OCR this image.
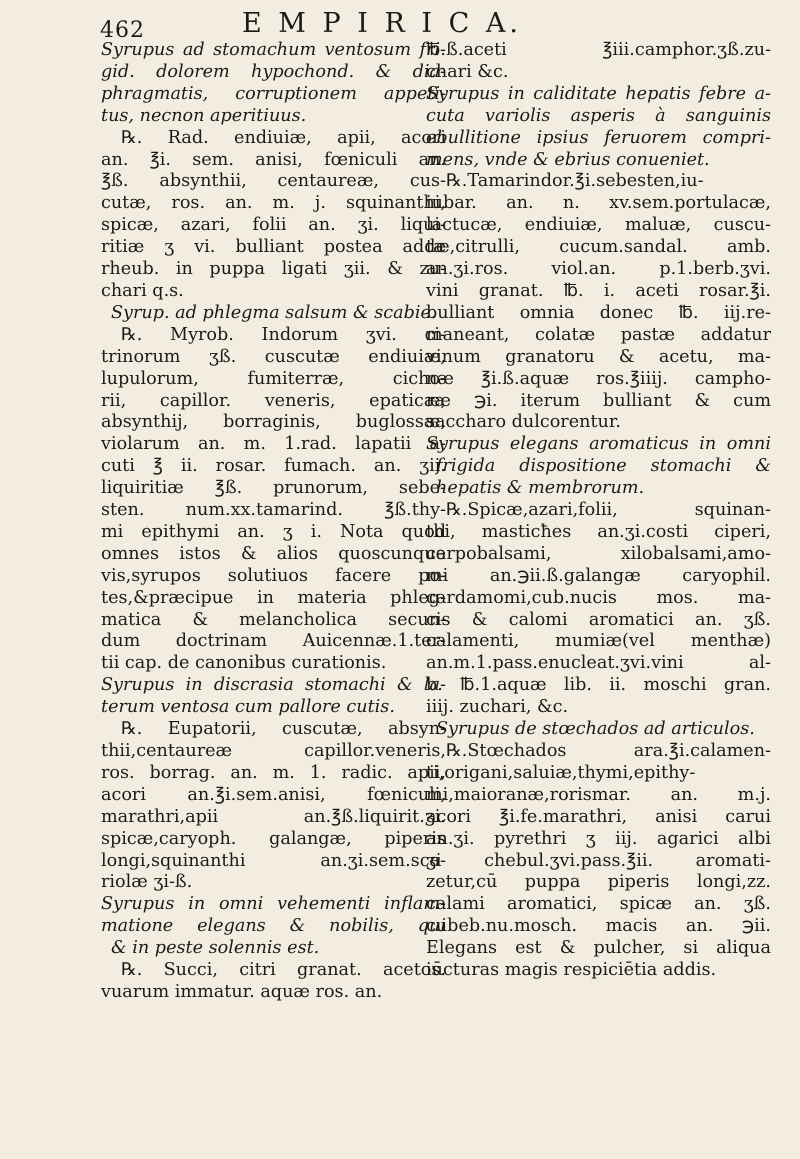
462	E M P I R I C A.
Syrupus ad stomachum ventosum fri-
gid. dolorem hypochond. & dia-
phragmatis, corruptionem appeti-
tus, necnon aperitiuus.
℞. Rad. endiuiæ, apii, acori
an. ℥i. sem. anisi, fœniculi an.
℥ß. absynthii, centaureæ, cus-
cutæ, ros. an. m. j. squinanthi,
spicæ, azari, folii an. ʒi. liqui-
ritiæ ʒ vi. bulliant postea adde
rheub. in puppa ligati ʒii. & zu-
chari q.s.
Syrup. ad phlegma salsum & scabie.
℞. Myrob. Indorum ʒvi. ci-
trinorum ʒß. cuscutæ endiuiæ,
lupulorum, fumiterræ, cicho-
rii, capillor. veneris, epaticæ,
absynthij, borraginis, buglossæ,
violarum an. m. 1.rad. lapatii a-
cuti ℥ ii. rosar. fumach. an. ʒii.
liquiritiæ ℥ß. prunorum, sebe-
sten. num.xx.tamarind. ℥ß.thy-
mi epithymi an. ʒ i. Nota quod
omnes istos & alios quoscunque
vis,syrupos solutiuos facere po-
tes,&præcipue in materia phleg-
matica & melancholica secun-
dum doctrinam Auicennæ.1.ter-
tii cap. de canonibus curationis.
Syrupus in discrasia stomachi & la-
terum ventosa cum pallore cutis.
℞. Eupatorii, cuscutæ, absyn-
thii,centaureæ capillor.veneris,
ros. borrag. an. m. 1. radic. apii,
acori an.℥i.sem.anisi, fœniculi,
marathri,apii an.℥ß.liquirit.ʒi.
spicæ,caryoph. galangæ, piperis
longi,squinanthi an.ʒi.sem.sca-
riolæ ʒi-ß.
Syrupus in omni vehementi inflam-
matione elegans & nobilis, qui
& in peste solennis est.
℞. Succi, citri granat. acetos.
vuarum immatur. aquæ ros. an.
℔.ß.aceti ℥iii.camphor.ʒß.zu-
chari &c.
Syrupus in caliditate hepatis febre a-
cuta variolis asperis à sanguinis
ebullitione ipsius feruorem compri-
mens, vnde & ebrius conueniet.
℞.Tamarindor.℥i.sebesten,iu-
iubar. an. n. xv.sem.portulacæ,
lactucæ, endiuiæ, maluæ, cuscu-
tæ,citrulli, cucum.sandal. amb.
an.ʒi.ros. viol.an. p.1.berb.ʒvi.
vini granat. ℔. i. aceti rosar.℥i.
bulliant omnia donec ℔. iij.re-
maneant, colatæ pastæ addatur
vinum granatoru & acetu, ma-
næ ℥i.ß.aquæ ros.℥iiij. campho-
ræ ℈i. iterum bulliant & cum
saccharo dulcorentur.
Syrupus elegans aromaticus in omni
frigida dispositione stomachi &
hepatis & membrorum.
℞.Spicæ,azari,folii, squinan-
thi, masticħes an.ʒi.costi ciperi,
carpobalsami, xilobalsami,amo-
mi an.℈ii.ß.galangæ caryophil.
cardamomi,cub.nucis mos. ma-
cis & calomi aromatici an. ʒß.
calamenti, mumiæ(vel menthæ)
an.m.1.pass.enucleat.ʒvi.vini al-
b. ℔.1.aquæ lib. ii. moschi gran.
iiij. zuchari, &c.
Syrupus de stœchados ad articulos.
℞.Stœchados ara.℥i.calamen-
ti,origani,saluiæ,thymi,epithy-
mi,maioranæ,rorismar. an. m.j.
acori ℥i.fe.marathri, anisi carui
an.ʒi. pyrethri ʒ iij. agarici albi
ʒi chebul.ʒvi.pass.℥ii. aromati-
zetur,cū puppa piperis longi,zz.
calami aromatici, spicæ an. ʒß.
cubeb.nu.mosch. macis an. ℈ii.
Elegans est & pulcher, si aliqua
iūcturas magis respiciētia addis.
